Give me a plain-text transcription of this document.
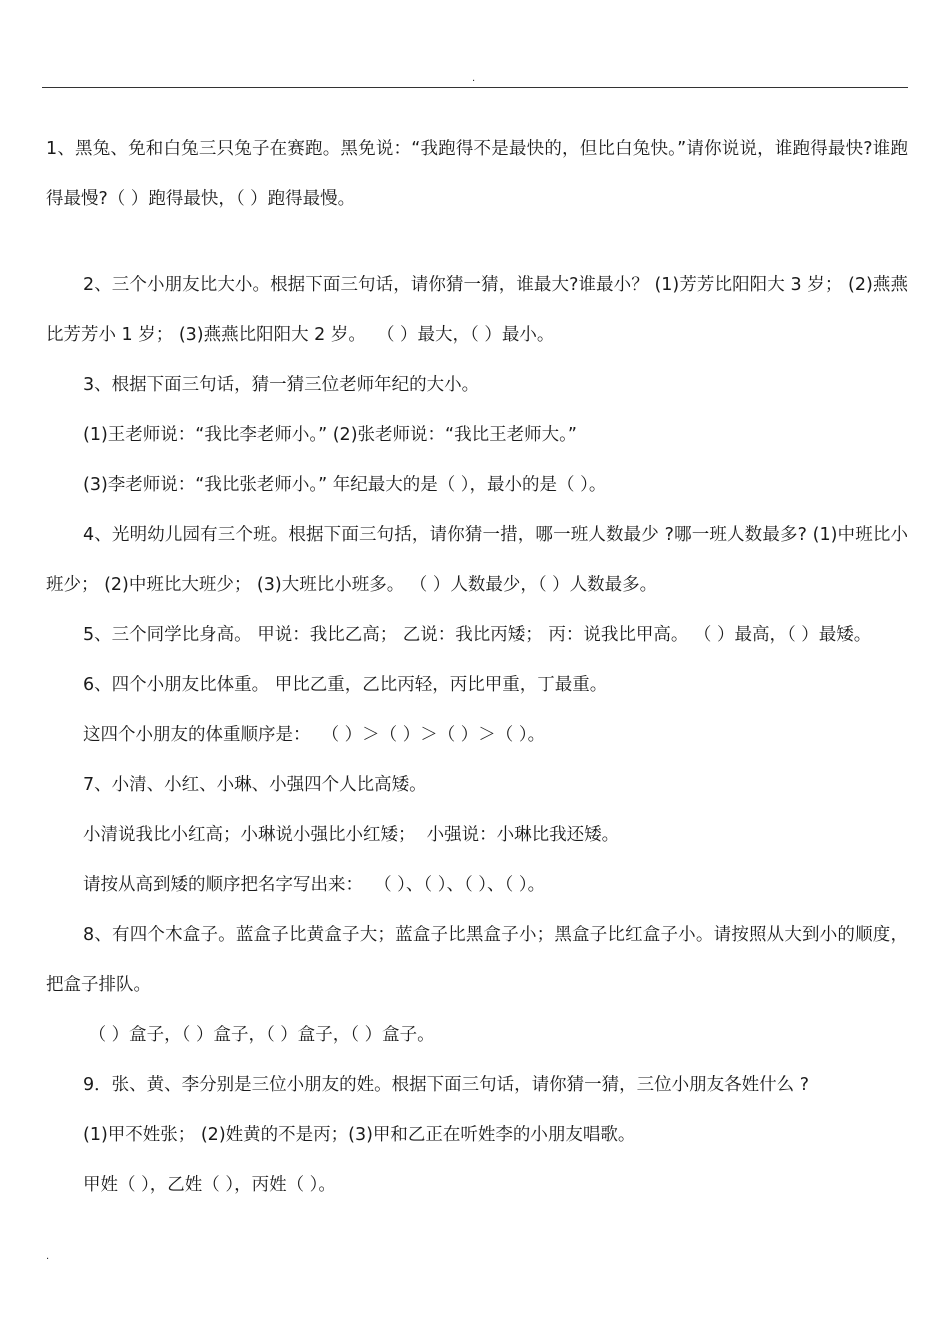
.

1、黑兔、免和白兔三只兔子在赛跑。黑免说：“我跑得不是最快的，但比白兔快。”请你说说，谁跑得最快?谁跑得最慢?（ ）跑得最快，（ ）跑得最慢。

2、三个小朋友比大小。根据下面三句话，请你猜一猜，谁最大?谁最小？ (1)芳芳比阳阳大 3 岁； (2)燕燕比芳芳小 1 岁； (3)燕燕比阳阳大 2 岁。  （ ）最大，（ ）最小。

3、根据下面三句话，猜一猜三位老师年纪的大小。

(1)王老师说：“我比李老师小。” (2)张老师说：“我比王老师大。”

(3)李老师说：“我比张老师小。” 年纪最大的是（ ），最小的是（ ）。

4、光明幼儿园有三个班。根据下面三句括，请你猜一措，哪一班人数最少 ?哪一班人数最多? (1)中班比小班少； (2)中班比大班少； (3)大班比小班多。 （ ）人数最少，（ ）人数最多。

5、三个同学比身高。 甲说：我比乙高； 乙说：我比丙矮； 丙：说我比甲高。 （ ）最高，（ ）最矮。

6、四个小朋友比体重。 甲比乙重，乙比丙轻，丙比甲重，丁最重。

这四个小朋友的体重顺序是：  （ ）＞（ ）＞（ ）＞（ ）。

7、小清、小红、小琳、小强四个人比高矮。

小清说我比小红高；小琳说小强比小红矮；  小强说：小琳比我还矮。

请按从高到矮的顺序把名字写出来：  （ ）、（ ）、（ ）、（ ）。

8、有四个木盒子。蓝盒子比黄盒子大；蓝盒子比黑盒子小；黑盒子比红盒子小。请按照从大到小的顺度，把盒子排队。

（ ）盒子，（ ）盒子，（ ）盒子，（ ）盒子。

9．张、黄、李分别是三位小朋友的姓。根据下面三句话，请你猜一猜，三位小朋友各姓什么 ?

(1)甲不姓张； (2)姓黄的不是丙；(3)甲和乙正在听姓李的小朋友唱歌。

甲姓（ ），乙姓（ ），丙姓（ ）。

.
